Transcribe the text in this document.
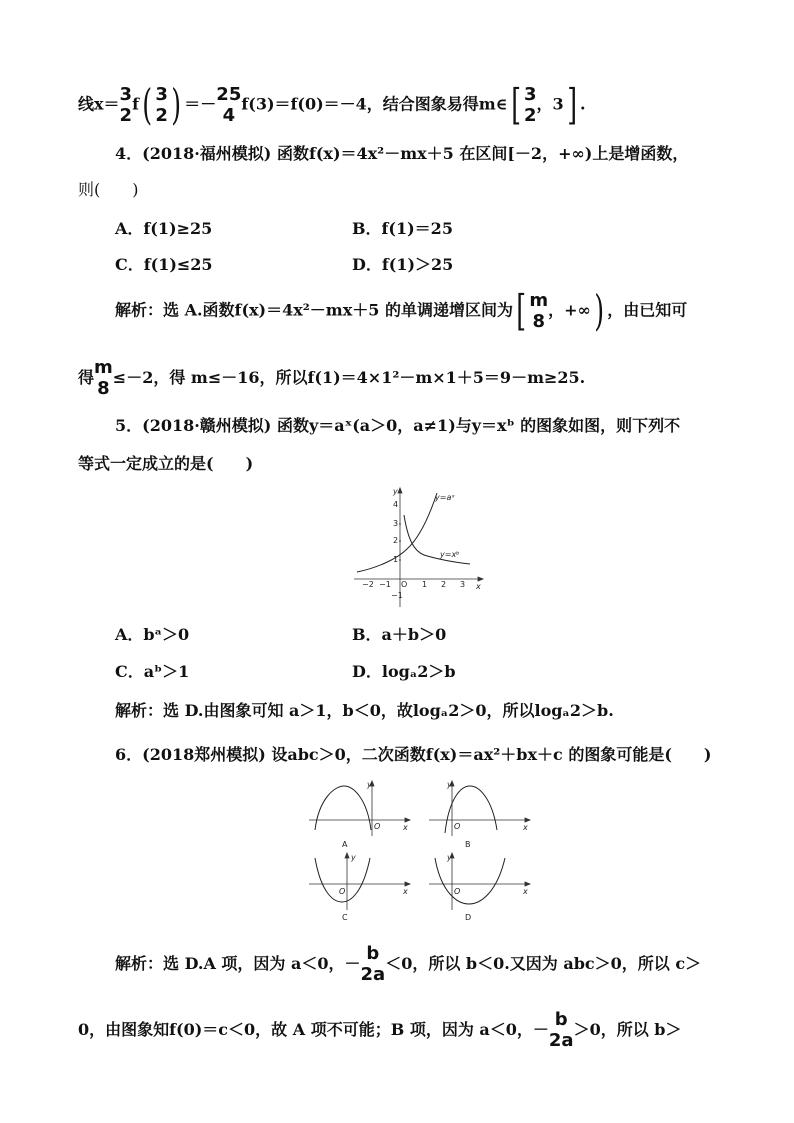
线x＝ 3
2
f( 3
2 ) ＝－ 25
4
f(3)＝f(0)＝－4，结合图象易得m∈[ 3
2
，3] .
4．(2018·福州模拟) 函数f(x)＝4x²－mx＋5 在区间[－2，+∞)上是增函数，
则(　　)
A．f(1)≥25	B．f(1)＝25
C．f(1)≤25	D．f(1)＞25
解析：选 A.函数f(x)＝4x²－mx＋5 的单调递增区间为[ m
8
，+∞) ，由已知可
得 m
8
≤－2，得 m≤－16，所以f(1)＝4×1²－m×1＋5＝9－m≥25.
5．(2018·赣州模拟) 函数y＝aˣ(a＞0，a≠1)与y＝xᵇ 的图象如图，则下列不
等式一定成立的是(　　)
y
x
y=aˣ
y=xᵇ
4
3
2
1
−1
−2 −1 O 1 2 3
A．bᵃ＞0	B．a＋b＞0
C．aᵇ＞1	D．logₐ2＞b
解析：选 D.由图象可知 a＞1，b＜0，故logₐ2＞0，所以logₐ2＞b.
6．(2018郑州模拟) 设abc＞0，二次函数f(x)＝ax²＋bx＋c 的图象可能是(　　)
y
x
O
A
y
x
O
B
y
x
O
C
y
x
O
D
解析：选 D.A 项，因为 a＜0，－ b
2a
＜0，所以 b＜0.又因为 abc＞0，所以 c＞
0，由图象知f(0)＝c＜0，故 A 项不可能；B 项，因为 a＜0，－ b
2a
＞0，所以 b＞
